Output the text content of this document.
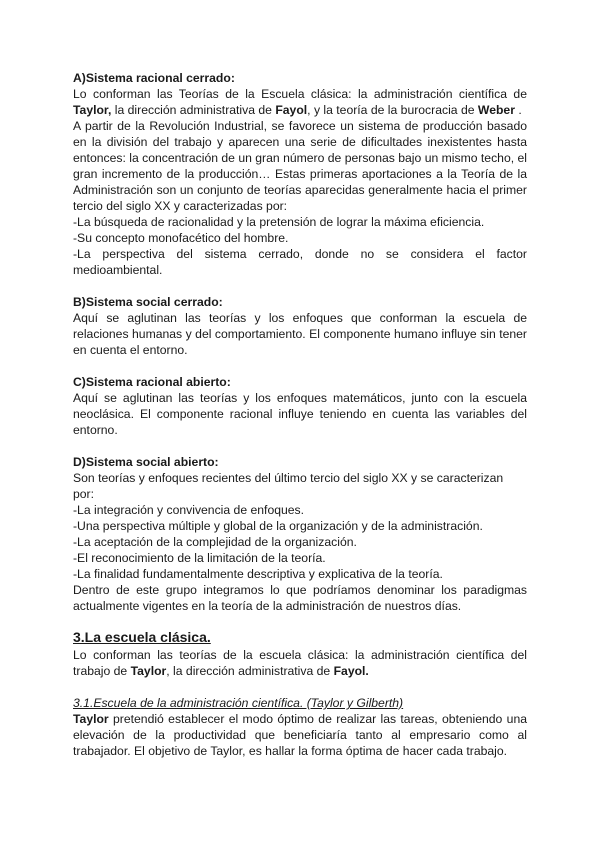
A)Sistema racional cerrado:

Lo conforman las Teorías de la Escuela clásica: la administración científica de Taylor, la dirección administrativa de Fayol, y la teoría de la burocracia de Weber .

A partir de la Revolución Industrial, se favorece un sistema de producción basado en la división del trabajo y aparecen una serie de dificultades inexistentes hasta entonces: la concentración de un gran número de personas bajo un mismo techo, el gran incremento de la producción… Estas primeras aportaciones a la Teoría de la Administración son un conjunto de teorías aparecidas generalmente hacia el primer tercio del siglo XX y caracterizadas por:

-La búsqueda de racionalidad y la pretensión de lograr la máxima eficiencia.

-Su concepto monofacético del hombre.

-La perspectiva del sistema cerrado, donde no se considera el factor medioambiental.

B)Sistema social cerrado:

Aquí se aglutinan las teorías y los enfoques que conforman la escuela de relaciones humanas y del comportamiento. El componente humano influye sin tener en cuenta el entorno.

C)Sistema racional abierto:

Aquí se aglutinan las teorías y los enfoques matemáticos, junto con la escuela neoclásica. El componente racional influye teniendo en cuenta las variables del entorno.

D)Sistema social abierto:

Son teorías y enfoques recientes del último tercio del siglo XX y se caracterizan por:

-La integración y convivencia de enfoques.

-Una perspectiva múltiple y global de la organización y de la administración.

-La aceptación de la complejidad de la organización.

-El reconocimiento de la limitación de la teoría.

-La finalidad fundamentalmente descriptiva y explicativa de la teoría.

Dentro de este grupo integramos lo que podríamos denominar los paradigmas actualmente vigentes en la teoría de la administración de nuestros días.

3.La escuela clásica.

Lo conforman las teorías de la escuela clásica: la administración científica del trabajo de Taylor, la dirección administrativa de Fayol.

3.1.Escuela de la administración científica. (Taylor y Gilberth)

Taylor pretendió establecer el modo óptimo de realizar las tareas, obteniendo una elevación de la productividad que beneficiaría tanto al empresario como al trabajador. El objetivo de Taylor, es hallar la forma óptima de hacer cada trabajo.
